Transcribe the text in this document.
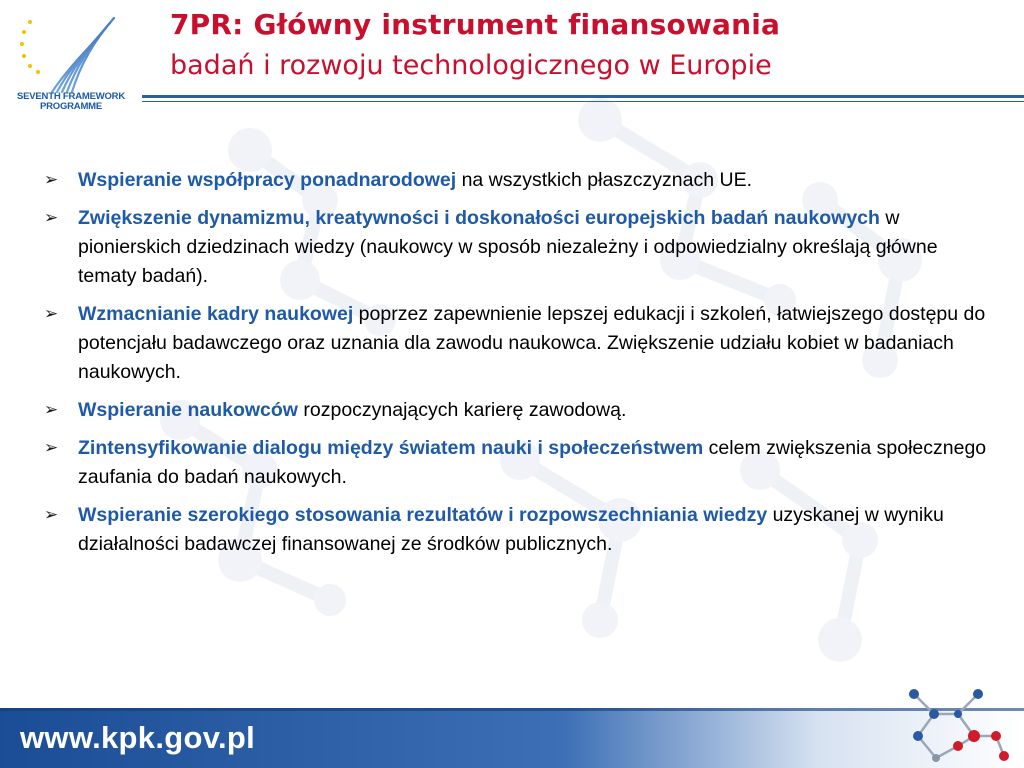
SEVENTH FRAMEWORK
PROGRAMME
7PR: Główny instrument finansowania
badań i rozwoju technologicznego w Europie
➢ Wspieranie współpracy ponadnarodowej na wszystkich płaszczyznach UE.
➢ Zwiększenie dynamizmu, kreatywności i doskonałości europejskich badań naukowych w pionierskich dziedzinach wiedzy (naukowcy w sposób niezależny i odpowiedzialny określają główne tematy badań).
➢ Wzmacnianie kadry naukowej poprzez zapewnienie lepszej edukacji i szkoleń, łatwiejszego dostępu do potencjału badawczego oraz uznania dla zawodu naukowca. Zwiększenie udziału kobiet w badaniach naukowych.
➢ Wspieranie naukowców rozpoczynających karierę zawodową.
➢ Zintensyfikowanie dialogu między światem nauki i społeczeństwem celem zwiększenia społecznego zaufania do badań naukowych.
➢ Wspieranie szerokiego stosowania rezultatów i rozpowszechniania wiedzy uzyskanej w wyniku działalności badawczej finansowanej ze środków publicznych.
www.kpk.gov.pl
